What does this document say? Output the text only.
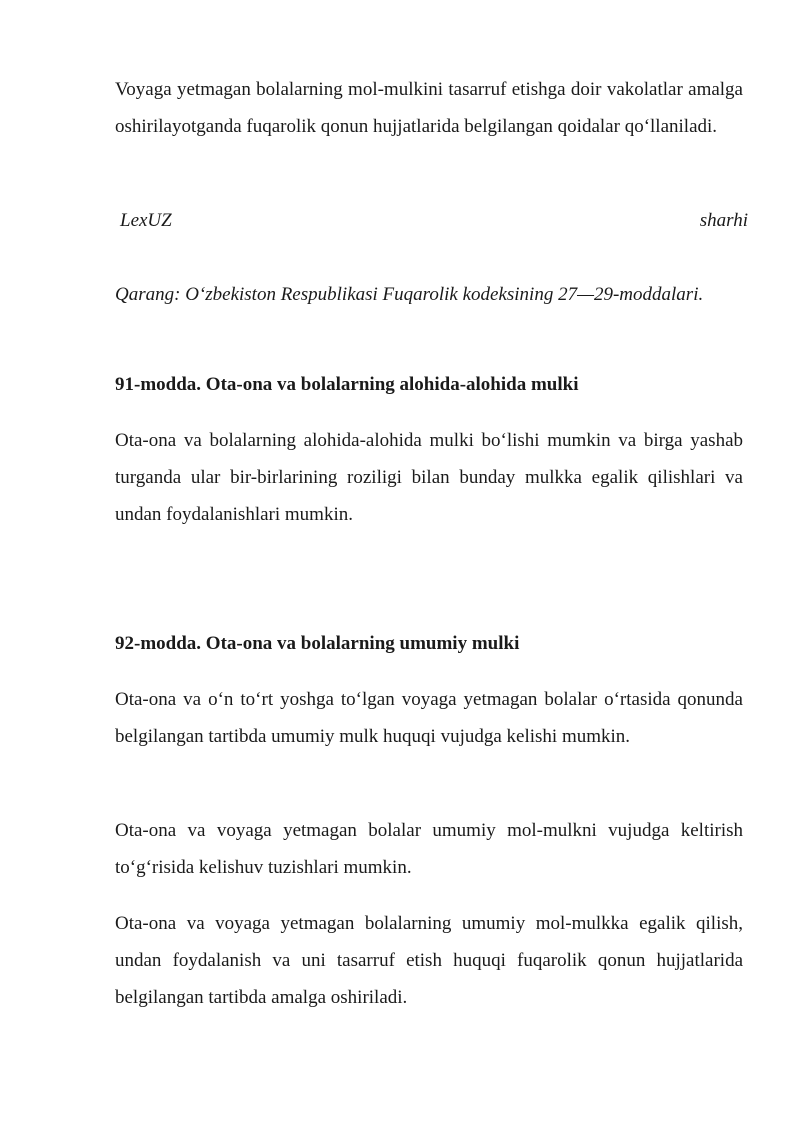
Voyaga yetmagan bolalarning mol-mulkini tasarruf etishga doir vakolatlar amalga oshirilayotganda fuqarolik qonun hujjatlarida belgilangan qoidalar qo‘llaniladi.

LexUZ	sharhi

Qarang: O‘zbekiston Respublikasi Fuqarolik kodeksining 27—29-moddalari.

91-modda. Ota-ona va bolalarning alohida-alohida mulki

Ota-ona va bolalarning alohida-alohida mulki bo‘lishi mumkin va birga yashab turganda ular bir-birlarining roziligi bilan bunday mulkka egalik qilishlari va undan foydalanishlari mumkin.

92-modda. Ota-ona va bolalarning umumiy mulki

Ota-ona va o‘n to‘rt yoshga to‘lgan voyaga yetmagan bolalar o‘rtasida qonunda belgilangan tartibda umumiy mulk huquqi vujudga kelishi mumkin.

Ota-ona va voyaga yetmagan bolalar umumiy mol-mulkni vujudga keltirish to‘g‘risida kelishuv tuzishlari mumkin.

Ota-ona va voyaga yetmagan bolalarning umumiy mol-mulkka egalik qilish, undan foydalanish va uni tasarruf etish huquqi fuqarolik qonun hujjatlarida belgilangan tartibda amalga oshiriladi.
